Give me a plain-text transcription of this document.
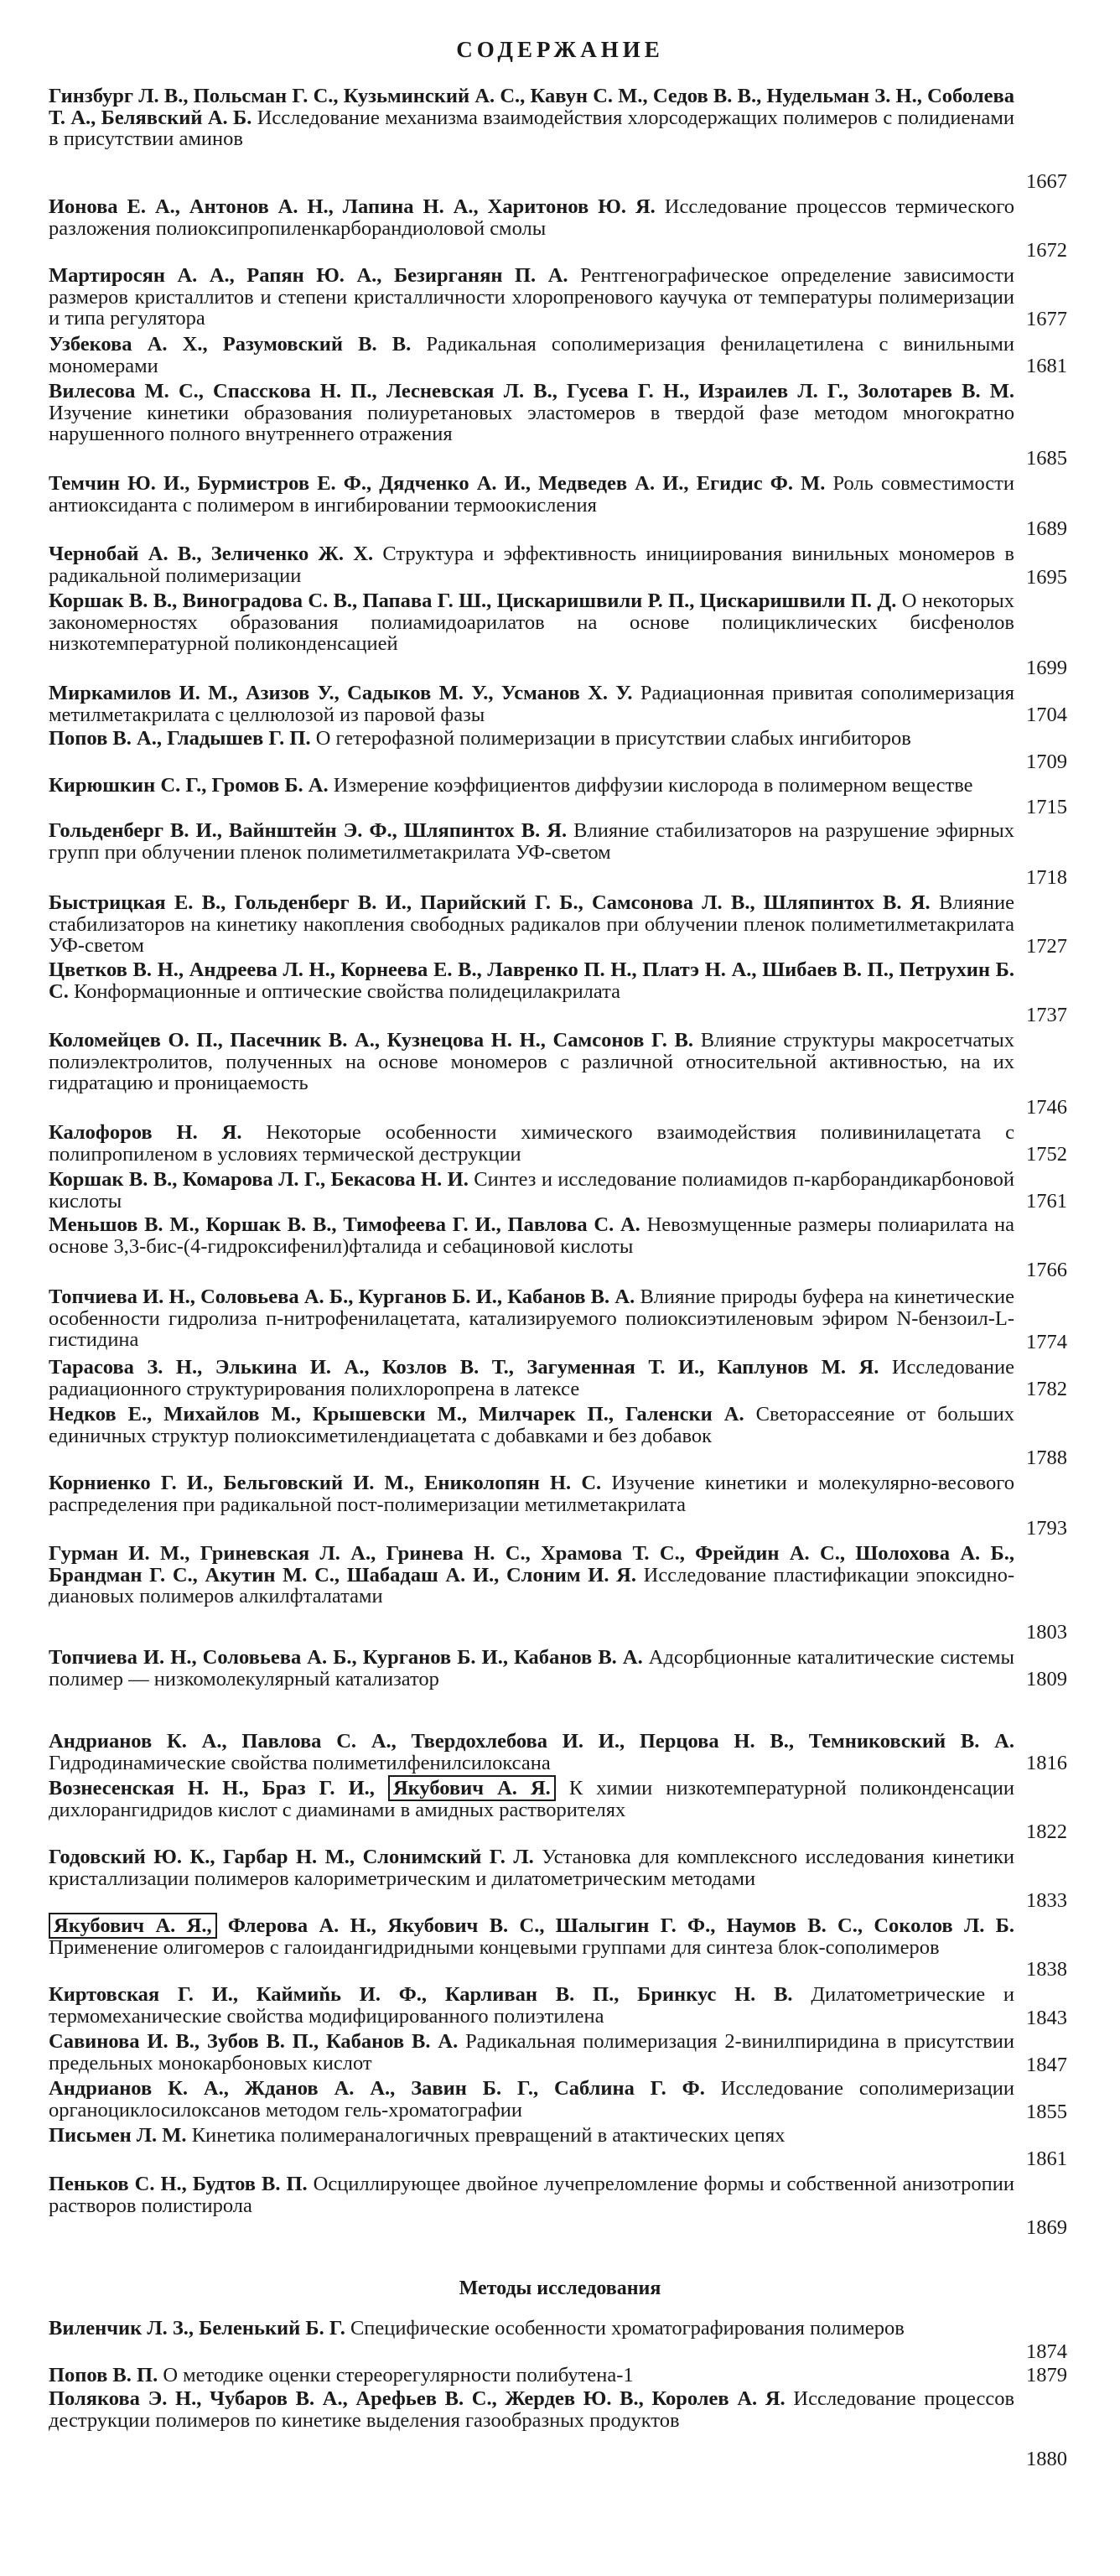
СОДЕРЖАНИЕ
Гинзбург Л. В., Польсман Г. С., Кузьминский А. С., Кавун С. М., Седов В. В., Нудельман З. Н., Соболева Т. А., Белявский А. Б. Исследование механизма взаимодействия хлорсодержащих полимеров с полидиенами в присутствии аминов
1667
Ионова Е. А., Антонов А. Н., Лапина Н. А., Харитонов Ю. Я. Исследование процессов термического разложения полиоксипропиленкарборандиоловой смолы
1672
Мартиросян А. А., Рапян Ю. А., Безирганян П. А. Рентгенографическое определение зависимости размеров кристаллитов и степени кристалличности хлоропренового каучука от температуры полимеризации и типа регулятора	1677
Узбекова А. Х., Разумовский В. В. Радикальная сополимеризация фенилацетилена с винильными мономерами	1681
Вилесова М. С., Спасскова Н. П., Лесневская Л. В., Гусева Г. Н., Израилев Л. Г., Золотарев В. М. Изучение кинетики образования полиуретановых эластомеров в твердой фазе методом многократно нарушенного полного внутреннего отражения
1685
Темчин Ю. И., Бурмистров Е. Ф., Дядченко А. И., Медведев А. И., Егидис Ф. М. Роль совместимости антиоксиданта с полимером в ингибировании термоокисления
1689
Чернобай А. В., Зеличенко Ж. Х. Структура и эффективность инициирования винильных мономеров в радикальной полимеризации	1695
Коршак В. В., Виноградова С. В., Папава Г. Ш., Цискаришвили Р. П., Цискаришвили П. Д. О некоторых закономерностях образования полиамидоарилатов на основе полициклических бисфенолов низкотемпературной поликонденсацией
1699
Миркамилов И. М., Азизов У., Садыков М. У., Усманов Х. У. Радиационная привитая сополимеризация метилметакрилата с целлюлозой из паровой фазы	1704
Попов В. А., Гладышев Г. П. О гетерофазной полимеризации в присутствии слабых ингибиторов
1709
Кирюшкин С. Г., Громов Б. А. Измерение коэффициентов диффузии кислорода в полимерном веществе
1715
Гольденберг В. И., Вайнштейн Э. Ф., Шляпинтох В. Я. Влияние стабилизаторов на разрушение эфирных групп при облучении пленок полиметилметакрилата УФ-светом
1718
Быстрицкая Е. В., Гольденберг В. И., Парийский Г. Б., Самсонова Л. В., Шляпинтох В. Я. Влияние стабилизаторов на кинетику накопления свободных радикалов при облучении пленок полиметилметакрилата УФ-светом	1727
Цветков В. Н., Андреева Л. Н., Корнеева Е. В., Лавренко П. Н., Платэ Н. А., Шибаев В. П., Петрухин Б. С. Конформационные и оптические свойства полидецилакрилата
1737
Коломейцев О. П., Пасечник В. А., Кузнецова Н. Н., Самсонов Г. В. Влияние структуры макросетчатых полиэлектролитов, полученных на основе мономеров с различной относительной активностью, на их гидратацию и проницаемость
1746
Калофоров Н. Я. Некоторые особенности химического взаимодействия поливинилацетата с полипропиленом в условиях термической деструкции	1752
Коршак В. В., Комарова Л. Г., Бекасова Н. И. Синтез и исследование полиамидов п-карборандикарбоновой кислоты	1761
Меньшов В. М., Коршак В. В., Тимофеева Г. И., Павлова С. А. Невозмущенные размеры полиарилата на основе 3,3-бис-(4-гидроксифенил)фталида и себациновой кислоты
1766
Топчиева И. Н., Соловьева А. Б., Курганов Б. И., Кабанов В. А. Влияние природы буфера на кинетические особенности гидролиза п-нитрофенилацетата, катализируемого полиоксиэтиленовым эфиром N-бензоил-L-гистидина	1774
Тарасова З. Н., Элькина И. А., Козлов В. Т., Загуменная Т. И., Каплунов М. Я. Исследование радиационного структурирования полихлоропрена в латексе	1782
Недков Е., Михайлов М., Крышевски М., Милчарек П., Галенски А. Светорассеяние от больших единичных структур полиоксиметилендиацетата с добавками и без добавок
1788
Корниенко Г. И., Бельговский И. М., Ениколопян Н. С. Изучение кинетики и молекулярно-весового распределения при радикальной пост-полимеризации метилметакрилата
1793
Гурман И. М., Гриневская Л. А., Гринева Н. С., Храмова Т. С., Фрейдин А. С., Шолохова А. Б., Брандман Г. С., Акутин М. С., Шабадаш А. И., Слоним И. Я. Исследование пластификации эпоксидно-диановых полимеров алкилфталатами
1803
Топчиева И. Н., Соловьева А. Б., Курганов Б. И., Кабанов В. А. Адсорбционные каталитические системы полимер — низкомолекулярный катализатор	1809
Андрианов К. А., Павлова С. А., Твердохлебова И. И., Перцова Н. В., Темниковский В. А. Гидродинамические свойства полиметилфенилсилоксана	1816
Вознесенская Н. Н., Браз Г. И., Якубович А. Я. К химии низкотемпературной поликонденсации дихлорангидридов кислот с диаминами в амидных растворителях
1822
Годовский Ю. К., Гарбар Н. М., Слонимский Г. Л. Установка для комплексного исследования кинетики кристаллизации полимеров калориметрическим и дилатометрическим методами
1833
Якубович А. Я., Флерова А. Н., Якубович В. С., Шалыгин Г. Ф., Наумов В. С., Соколов Л. Б. Применение олигомеров с галоидангидридными концевыми группами для синтеза блок-сополимеров
1838
Киртовская Г. И., Каймиňь И. Ф., Карливан В. П., Бринкус Н. В. Дилатометрические и термомеханические свойства модифицированного полиэтилена	1843
Савинова И. В., Зубов В. П., Кабанов В. А. Радикальная полимеризация 2-винилпиридина в присутствии предельных монокарбоновых кислот	1847
Андрианов К. А., Жданов А. А., Завин Б. Г., Саблина Г. Ф. Исследование сополимеризации органоциклосилоксанов методом гель-хроматографии	1855
Письмен Л. М. Кинетика полимераналогичных превращений в атактических цепях
1861
Пеньков С. Н., Будтов В. П. Осциллирующее двойное лучепреломление формы и собственной анизотропии растворов полистирола
1869
Методы исследования
Виленчик Л. З., Беленький Б. Г. Специфические особенности хроматографирования полимеров
1874
Попов В. П. О методике оценки стереорегулярности полибутена-1	1879
Полякова Э. Н., Чубаров В. А., Арефьев В. С., Жердев Ю. В., Королев А. Я. Исследование процессов деструкции полимеров по кинетике выделения газообразных продуктов
1880
